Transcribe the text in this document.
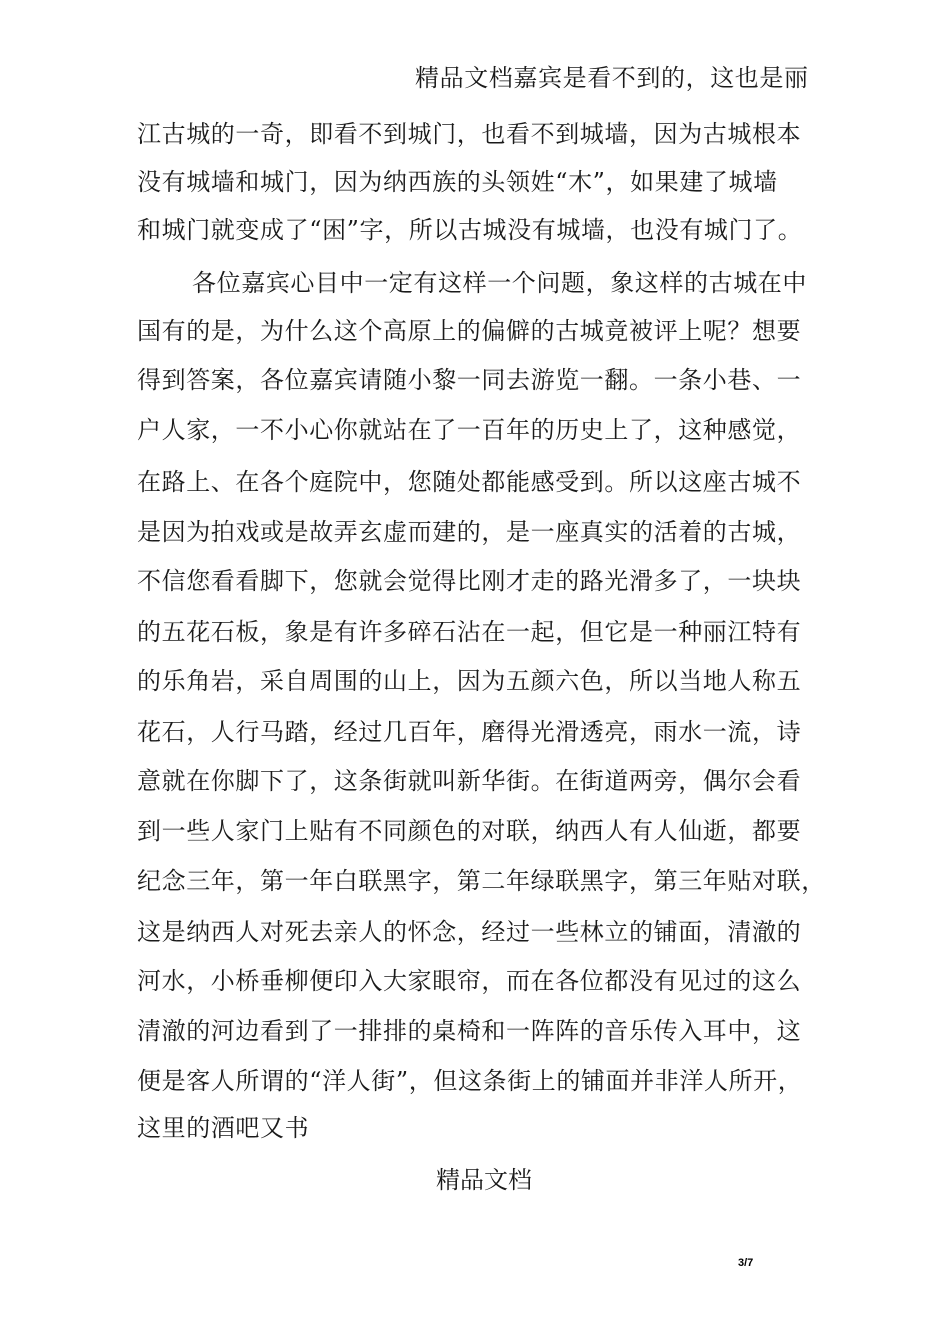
精品文档嘉宾是看不到的，这也是丽
江古城的一奇，即看不到城门，也看不到城墙，因为古城根本
没有城墙和城门，因为纳西族的头领姓“木”，如果建了城墙
和城门就变成了“困”字，所以古城没有城墙，也没有城门了。
各位嘉宾心目中一定有这样一个问题，象这样的古城在中
国有的是，为什么这个高原上的偏僻的古城竟被评上呢？想要
得到答案，各位嘉宾请随小黎一同去游览一翻。一条小巷、一
户人家，一不小心你就站在了一百年的历史上了，这种感觉，
在路上、在各个庭院中，您随处都能感受到。所以这座古城不
是因为拍戏或是故弄玄虚而建的，是一座真实的活着的古城，
不信您看看脚下，您就会觉得比刚才走的路光滑多了，一块块
的五花石板，象是有许多碎石沾在一起，但它是一种丽江特有
的乐角岩，采自周围的山上，因为五颜六色，所以当地人称五
花石，人行马踏，经过几百年，磨得光滑透亮，雨水一流，诗
意就在你脚下了，这条街就叫新华街。在街道两旁，偶尔会看
到一些人家门上贴有不同颜色的对联，纳西人有人仙逝，都要
纪念三年，第一年白联黑字，第二年绿联黑字，第三年贴对联，
这是纳西人对死去亲人的怀念，经过一些林立的铺面，清澈的
河水，小桥垂柳便印入大家眼帘，而在各位都没有见过的这么
清澈的河边看到了一排排的桌椅和一阵阵的音乐传入耳中，这
便是客人所谓的“洋人街”，但这条街上的铺面并非洋人所开，
这里的酒吧又书
精品文档
3/7
